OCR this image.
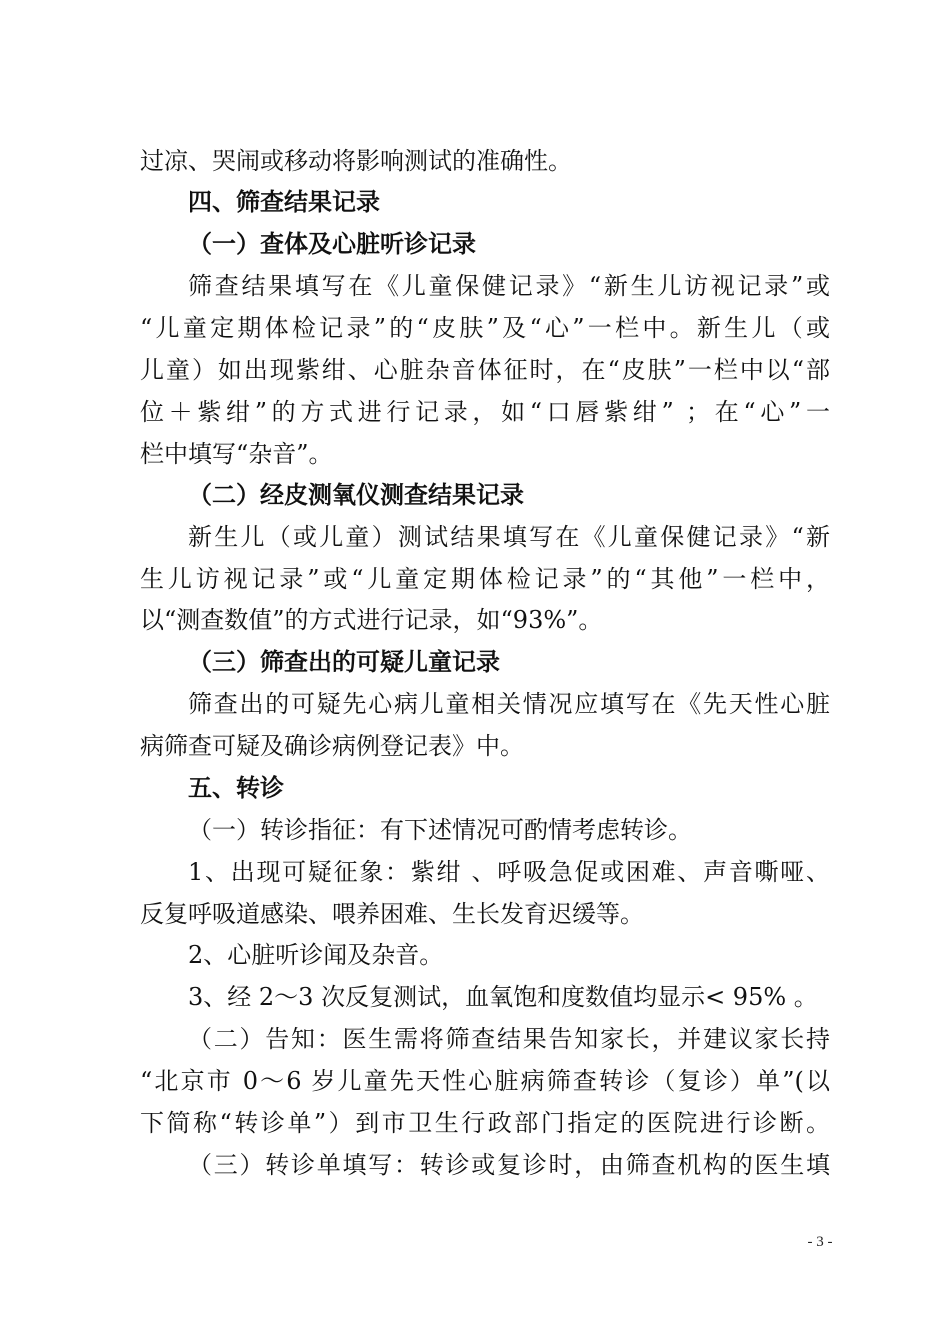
过凉、哭闹或移动将影响测试的准确性。
四、筛查结果记录
（一）查体及心脏听诊记录
筛查结果填写在《儿童保健记录》“新生儿访视记录”或
“儿童定期体检记录”的“皮肤”及“心”一栏中。新生儿（或
儿童）如出现紫绀、心脏杂音体征时，在“皮肤”一栏中以“部
位＋紫绀”的方式进行记录，如“口唇紫绀” ；在“心”一
栏中填写“杂音”。
（二）经皮测氧仪测查结果记录
新生儿（或儿童）测试结果填写在《儿童保健记录》“新
生儿访视记录”或“儿童定期体检记录”的“其他”一栏中，
以“测查数值”的方式进行记录，如“93%”。
（三）筛查出的可疑儿童记录
筛查出的可疑先心病儿童相关情况应填写在《先天性心脏
病筛查可疑及确诊病例登记表》中。
五、转诊
（一）转诊指征：有下述情况可酌情考虑转诊。
1、出现可疑征象：紫绀 、呼吸急促或困难、声音嘶哑、
反复呼吸道感染、喂养困难、生长发育迟缓等。
2、心脏听诊闻及杂音。
3、经 2～3 次反复测试，血氧饱和度数值均显示< 95% 。
（二）告知：医生需将筛查结果告知家长，并建议家长持
“北京市 0～6 岁儿童先天性心脏病筛查转诊（复诊）单”(以
下简称“转诊单”）到市卫生行政部门指定的医院进行诊断。
（三）转诊单填写：转诊或复诊时，由筛查机构的医生填
- 3 -
